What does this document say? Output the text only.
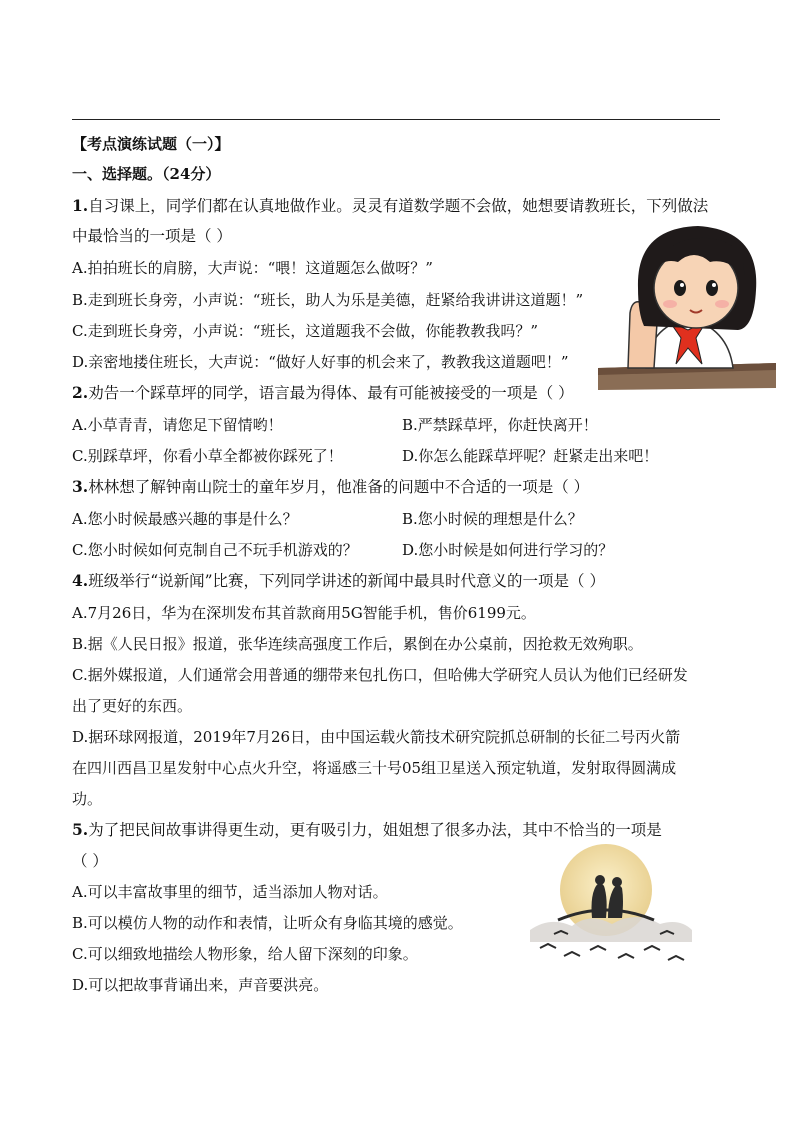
【考点演练试题（一）】
一、选择题。（24分）
1.自习课上，同学们都在认真地做作业。灵灵有道数学题不会做，她想要请教班长，下列做法
中最恰当的一项是（ ）
A.拍拍班长的肩膀，大声说：“喂！这道题怎么做呀？”
B.走到班长身旁，小声说：“班长，助人为乐是美德，赶紧给我讲讲这道题！”
C.走到班长身旁，小声说：“班长，这道题我不会做，你能教教我吗？”
D.亲密地搂住班长，大声说：“做好人好事的机会来了，教教我这道题吧！”
2.劝告一个踩草坪的同学，语言最为得体、最有可能被接受的一项是（ ）
A.小草青青，请您足下留情哟！	B.严禁踩草坪，你赶快离开！
C.别踩草坪，你看小草全都被你踩死了！	D.你怎么能踩草坪呢？赶紧走出来吧！
3.林林想了解钟南山院士的童年岁月，他准备的问题中不合适的一项是（ ）
A.您小时候最感兴趣的事是什么？	B.您小时候的理想是什么？
C.您小时候如何克制自己不玩手机游戏的？	D.您小时候是如何进行学习的？
4.班级举行“说新闻”比赛，下列同学讲述的新闻中最具时代意义的一项是（ ）
A.7月26日，华为在深圳发布其首款商用5G智能手机，售价6199元。
B.据《人民日报》报道，张华连续高强度工作后，累倒在办公桌前，因抢救无效殉职。
C.据外媒报道，人们通常会用普通的绷带来包扎伤口，但哈佛大学研究人员认为他们已经研发
出了更好的东西。
D.据环球网报道，2019年7月26日，由中国运载火箭技术研究院抓总研制的长征二号丙火箭
在四川西昌卫星发射中心点火升空，将遥感三十号05组卫星送入预定轨道，发射取得圆满成
功。
5.为了把民间故事讲得更生动，更有吸引力，姐姐想了很多办法，其中不恰当的一项是
（ ）
A.可以丰富故事里的细节，适当添加人物对话。
B.可以模仿人物的动作和表情，让听众有身临其境的感觉。
C.可以细致地描绘人物形象，给人留下深刻的印象。
D.可以把故事背诵出来，声音要洪亮。
